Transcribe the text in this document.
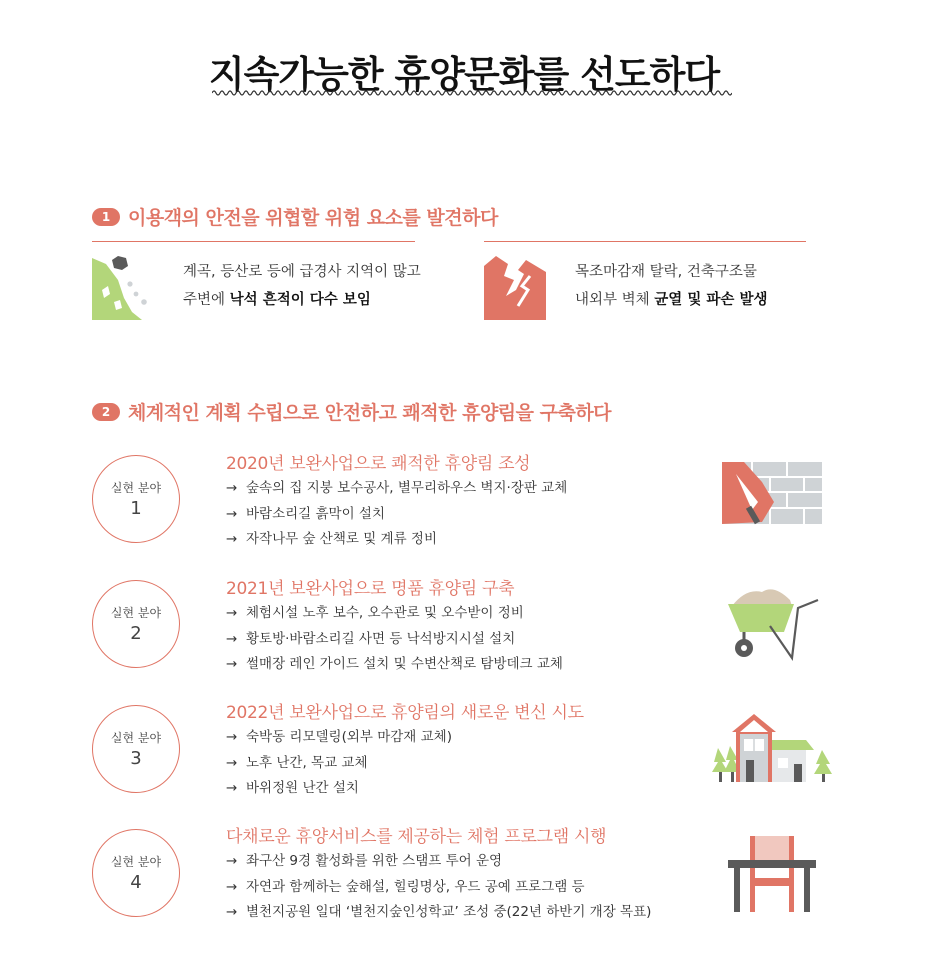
지속가능한 휴양문화를 선도하다
1 이용객의 안전을 위협할 위험 요소를 발견하다
계곡, 등산로 등에 급경사 지역이 많고
주변에 낙석 흔적이 다수 보임
목조마감재 탈락, 건축구조물
내외부 벽체 균열 및 파손 발생
2 체계적인 계획 수립으로 안전하고 쾌적한 휴양림을 구축하다
실현 분야
1
2020년 보완사업으로 쾌적한 휴양림 조성
→ 숲속의 집 지붕 보수공사, 별무리하우스 벽지·장판 교체
→ 바람소리길 흙막이 설치
→ 자작나무 숲 산책로 및 계류 정비
실현 분야
2
2021년 보완사업으로 명품 휴양림 구축
→ 체험시설 노후 보수, 오수관로 및 오수받이 정비
→ 황토방·바람소리길 사면 등 낙석방지시설 설치
→ 썰매장 레인 가이드 설치 및 수변산책로 탐방데크 교체
실현 분야
3
2022년 보완사업으로 휴양림의 새로운 변신 시도
→ 숙박동 리모델링(외부 마감재 교체)
→ 노후 난간, 목교 교체
→ 바위정원 난간 설치
실현 분야
4
다채로운 휴양서비스를 제공하는 체험 프로그램 시행
→ 좌구산 9경 활성화를 위한 스탬프 투어 운영
→ 자연과 함께하는 숲해설, 힐링명상, 우드 공예 프로그램 등
→ 별천지공원 일대 ‘별천지숲인성학교’ 조성 중(22년 하반기 개장 목표)
